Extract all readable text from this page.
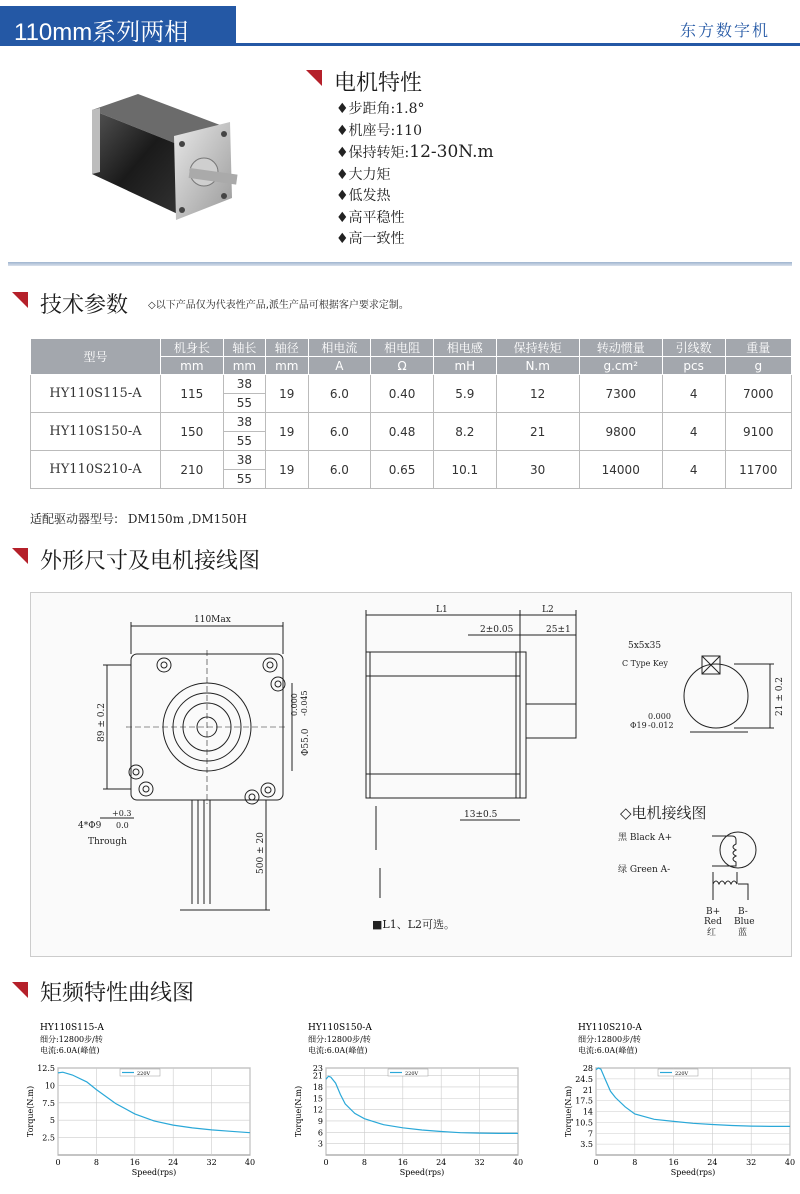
110mm系列两相	东方数字机
电机特性
♦步距角:1.8°
♦机座号:110
♦保持转矩:12-30N.m
♦大力矩
♦低发热
♦高平稳性
♦高一致性
技术参数 ◇以下产品仅为代表性产品,派生产品可根据客户要求定制。
型号	机身长	轴长	轴径	相电流	相电阻	相电感	保持转矩	转动惯量	引线数	重量
	mm	mm	mm	A	Ω	mH	N.m	g.cm²	pcs	g
HY110S115-A	115	38	19	6.0	0.40	5.9	12	7300	4	7000
		55								
HY110S150-A	150	38	19	6.0	0.48	8.2	21	9800	4	9100
		55								
HY110S210-A	210	38	19	6.0	0.65	10.1	30	14000	4	11700
		55								
适配驱动器型号: DM150m ,DM150H
外形尺寸及电机接线图
110Max
89 ± 0.2
Φ55.0
0.000 -0.045
500 ± 20
4*Φ9
+0.3
0.0
Through
L1	L2
2±0.05	25±1
13±0.5
■L1、L2可选。
5x5x35
C Type Key
0.000
Φ19 -0.012
21 ± 0.2
◇电机接线图
黑 Black A+
绿 Green A-
B+
Red
红
B-
Blue
蓝
矩频特性曲线图
HY110S115-A
细分:12800步/转
电流:6.0A(峰值)
0	8	16	24	32	40
2.5
5
7.5
10
12.5
Speed(rps)
Torque(N.m)
220V
HY110S150-A
细分:12800步/转
电流:6.0A(峰值)
0	8	16	24	32	40
3
6
9
12
15
18
21
23
Speed(rps)
Torque(N.m)
220V
HY110S210-A
细分:12800步/转
电流:6.0A(峰值)
0	8	16	24	32	40
3.5
7
10.5
14
17.5
21
24.5
28
Speed(rps)
Torque(N.m)
220V
